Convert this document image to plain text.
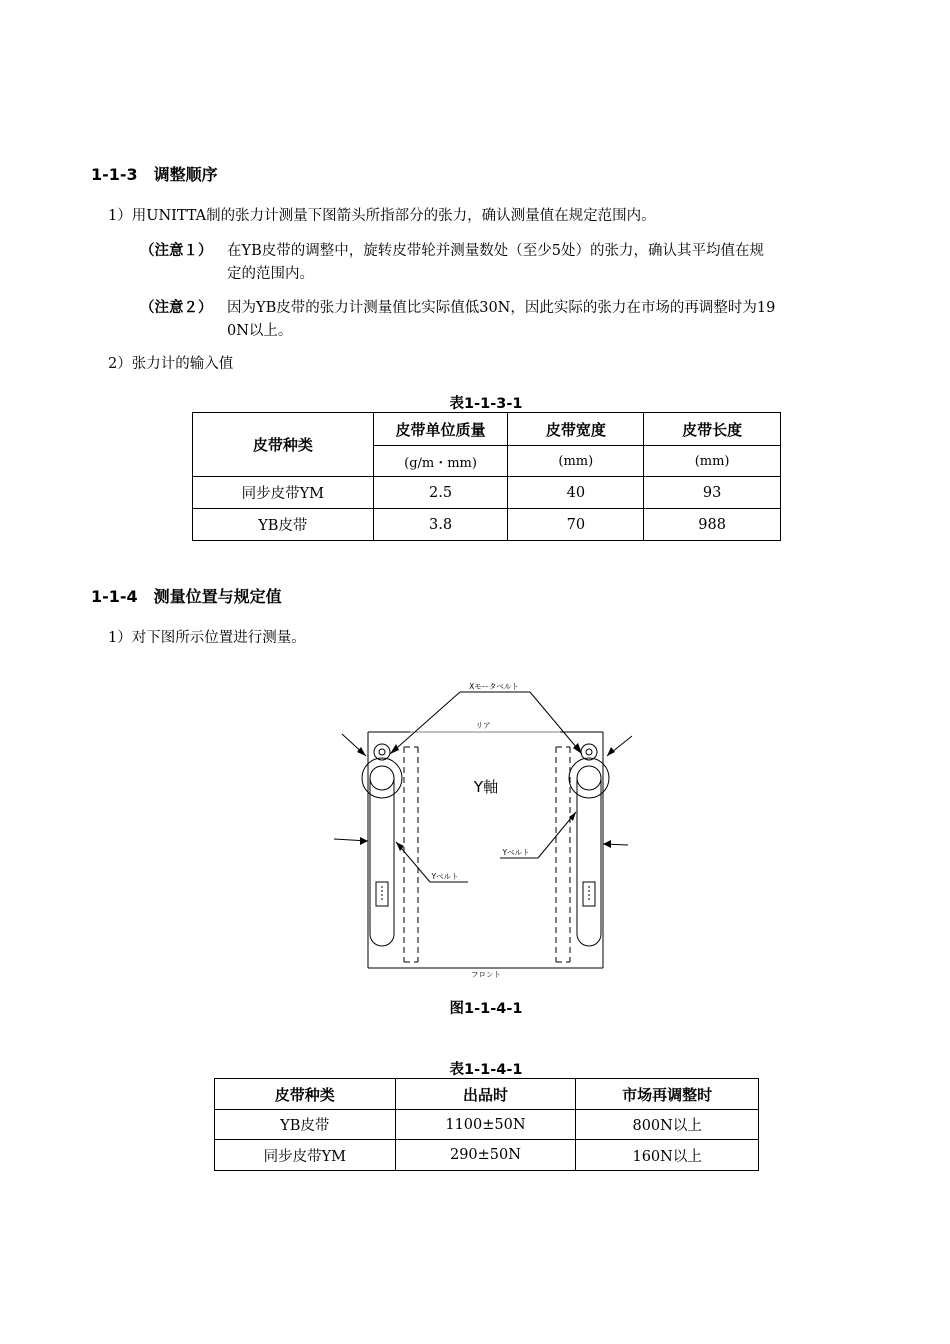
1-1-3　调整顺序
1）用UNITTA制的张力计测量下图箭头所指部分的张力，确认测量值在规定范围内。
（注意１） 在YB皮带的调整中，旋转皮带轮并测量数处（至少5处）的张力，确认其平均值在规
定的范围内。
（注意２） 因为YB皮带的张力计测量值比实际值低30N，因此实际的张力在市场的再调整时为19
0N以上。
2）张力计的输入值
表1-1-3-1
皮带种类	皮带单位质量	皮带宽度	皮带长度
	(g/m・mm)	(mm)	(mm)
同步皮带YM	2.5	40	93
YB皮带	3.8	70	988
1-1-4　测量位置与规定值
1）对下图所示位置进行测量。
Xモータベルト
リア
Y軸
Yベルト
Yベルト
フロント
图1-1-4-1
表1-1-4-1
皮带种类	出品时	市场再调整时
YB皮带	1100±50N	800N以上
同步皮带YM	290±50N	160N以上
